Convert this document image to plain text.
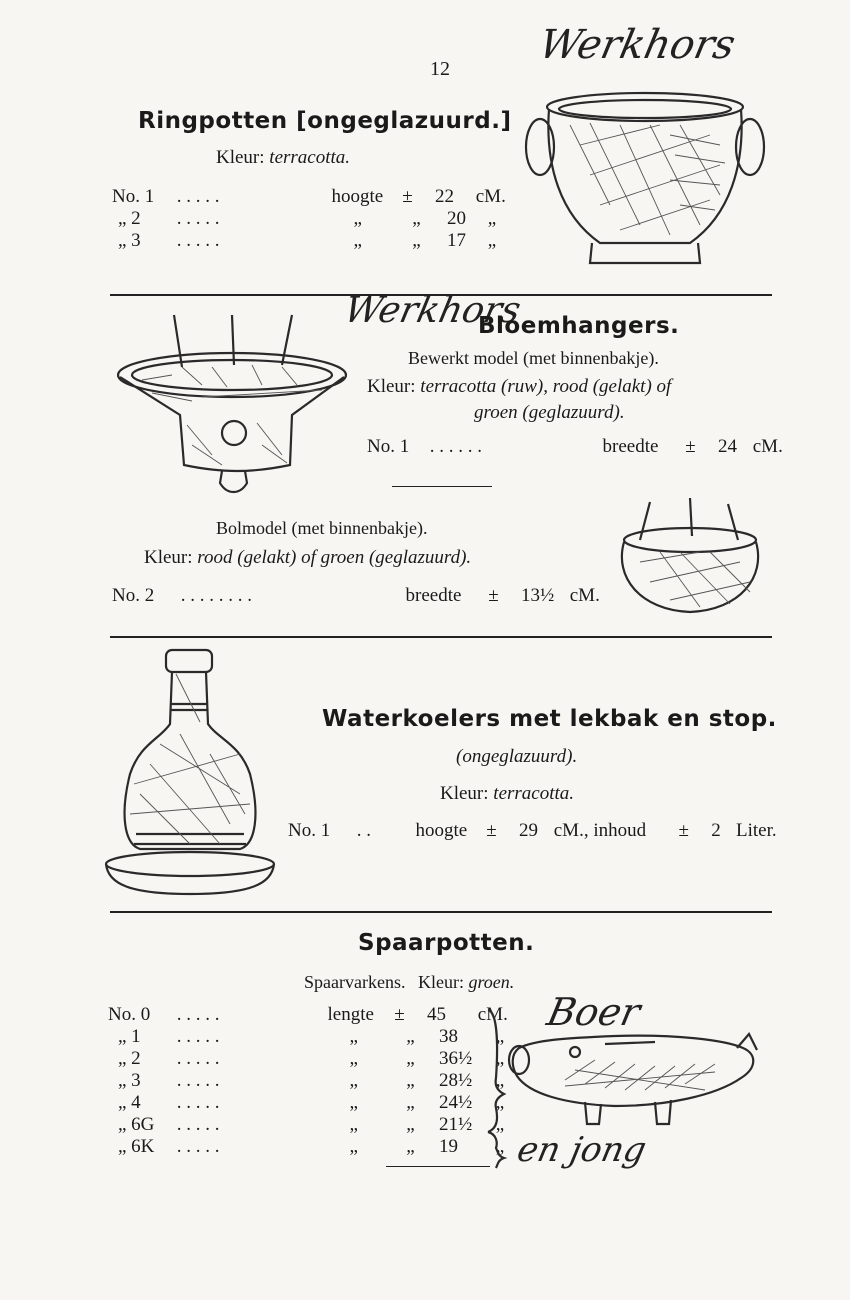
12
Werkhors
Ringpotten [ongeglazuurd.]
Kleur: terracotta.
No. 1 . . . . .	hoogte ± 22 cM.
„ 2 . . . . .	„	„ 20 „
„ 3 . . . . .	„	„ 17 „
Werkhors
Bloemhangers.
Bewerkt model (met binnenbakje).
Kleur: terracotta (ruw), rood (gelakt) of
groen (geglazuurd).
No. 1 . . . . . .	breedte ± 24 cM.
Bolmodel (met binnenbakje).
Kleur: rood (gelakt) of groen (geglazuurd).
No. 2 . . . . . . . .	breedte ± 13½ cM.
Waterkoelers met lekbak en stop.
(ongeglazuurd).
Kleur: terracotta.
No. 1 . . hoogte ± 29 cM., inhoud ± 2 Liter.
Spaarpotten.
Spaarvarkens. Kleur: groen.
No. 0 . . . . .	lengte ± 45 cM.
„ 1 . . . . .	„	„ 38 „
„ 2 . . . . .	„	„ 36½ „
„ 3 . . . . .	„	„ 28½ „
„ 4 . . . . .	„	„ 24½ „
„ 6G . . . . .	„	„ 21½ „
„ 6K . . . . .	„	„ 19 „
Boer
en jong
